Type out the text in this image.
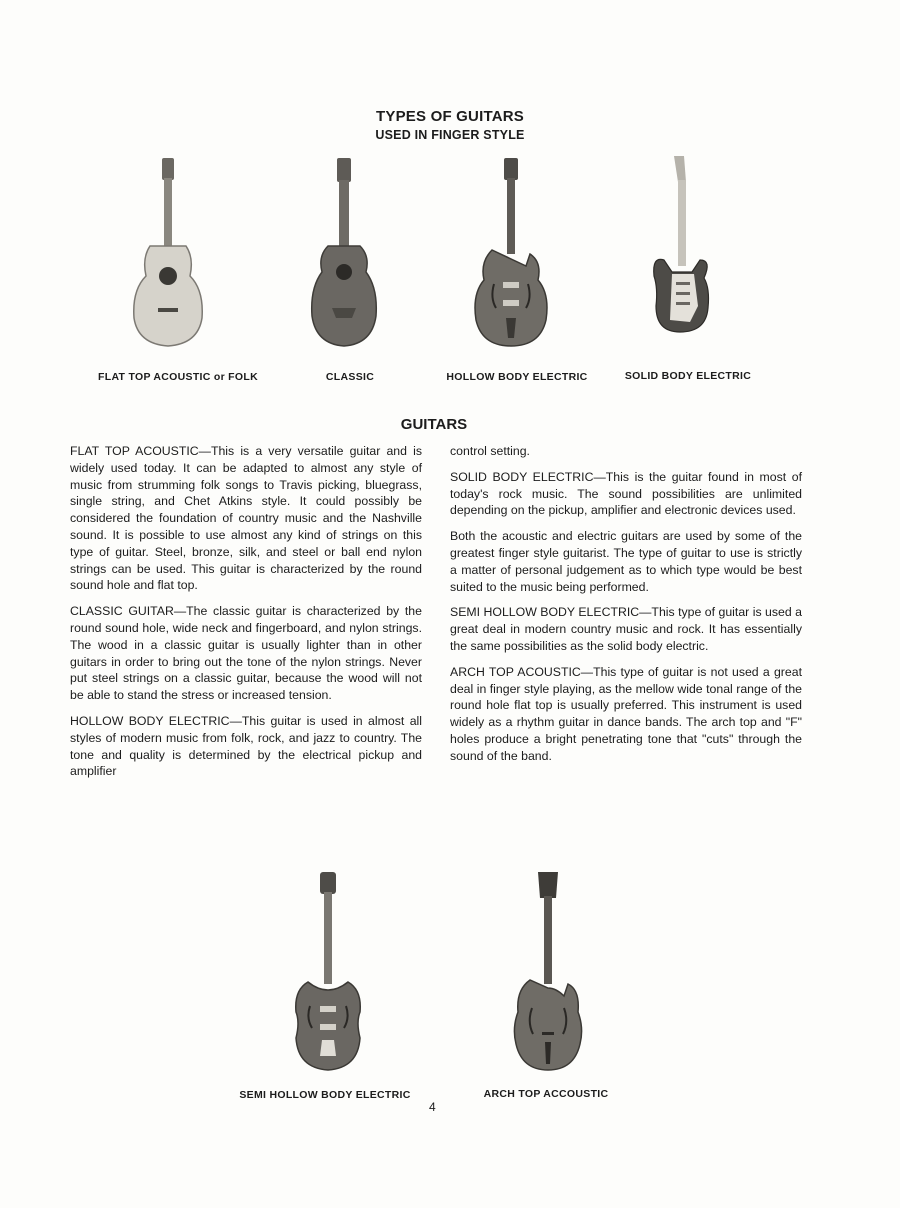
TYPES OF GUITARS
USED IN FINGER STYLE
FLAT TOP ACOUSTIC or FOLK	CLASSIC	HOLLOW BODY ELECTRIC	SOLID BODY ELECTRIC
GUITARS

FLAT TOP ACOUSTIC—This is a very versatile guitar and is widely used today. It can be adapted to almost any style of music from strumming folk songs to Travis picking, bluegrass, single string, and Chet Atkins style. It could possibly be considered the foundation of country music and the Nashville sound. It is possible to use almost any kind of strings on this type of guitar. Steel, bronze, silk, and steel or ball end nylon strings can be used. This guitar is characterized by the round sound hole and flat top.

CLASSIC GUITAR—The classic guitar is characterized by the round sound hole, wide neck and fingerboard, and nylon strings. The wood in a classic guitar is usually lighter than in other guitars in order to bring out the tone of the nylon strings. Never put steel strings on a classic guitar, because the wood will not be able to stand the stress or increased tension.

HOLLOW BODY ELECTRIC—This guitar is used in almost all styles of modern music from folk, rock, and jazz to country. The tone and quality is determined by the electrical pickup and amplifier

control setting.

SOLID BODY ELECTRIC—This is the guitar found in most of today's rock music. The sound possibilities are unlimited depending on the pickup, amplifier and electronic devices used.

Both the acoustic and electric guitars are used by some of the greatest finger style guitarist. The type of guitar to use is strictly a matter of personal judgement as to which type would be best suited to the music being performed.

SEMI HOLLOW BODY ELECTRIC—This type of guitar is used a great deal in modern country music and rock. It has essentially the same possibilities as the solid body electric.

ARCH TOP ACOUSTIC—This type of guitar is not used a great deal in finger style playing, as the mellow wide tonal range of the round hole flat top is usually preferred. This instrument is used widely as a rhythm guitar in dance bands. The arch top and "F" holes produce a bright penetrating tone that "cuts" through the sound of the band.

SEMI HOLLOW BODY ELECTRIC	ARCH TOP ACCOUSTIC
4
